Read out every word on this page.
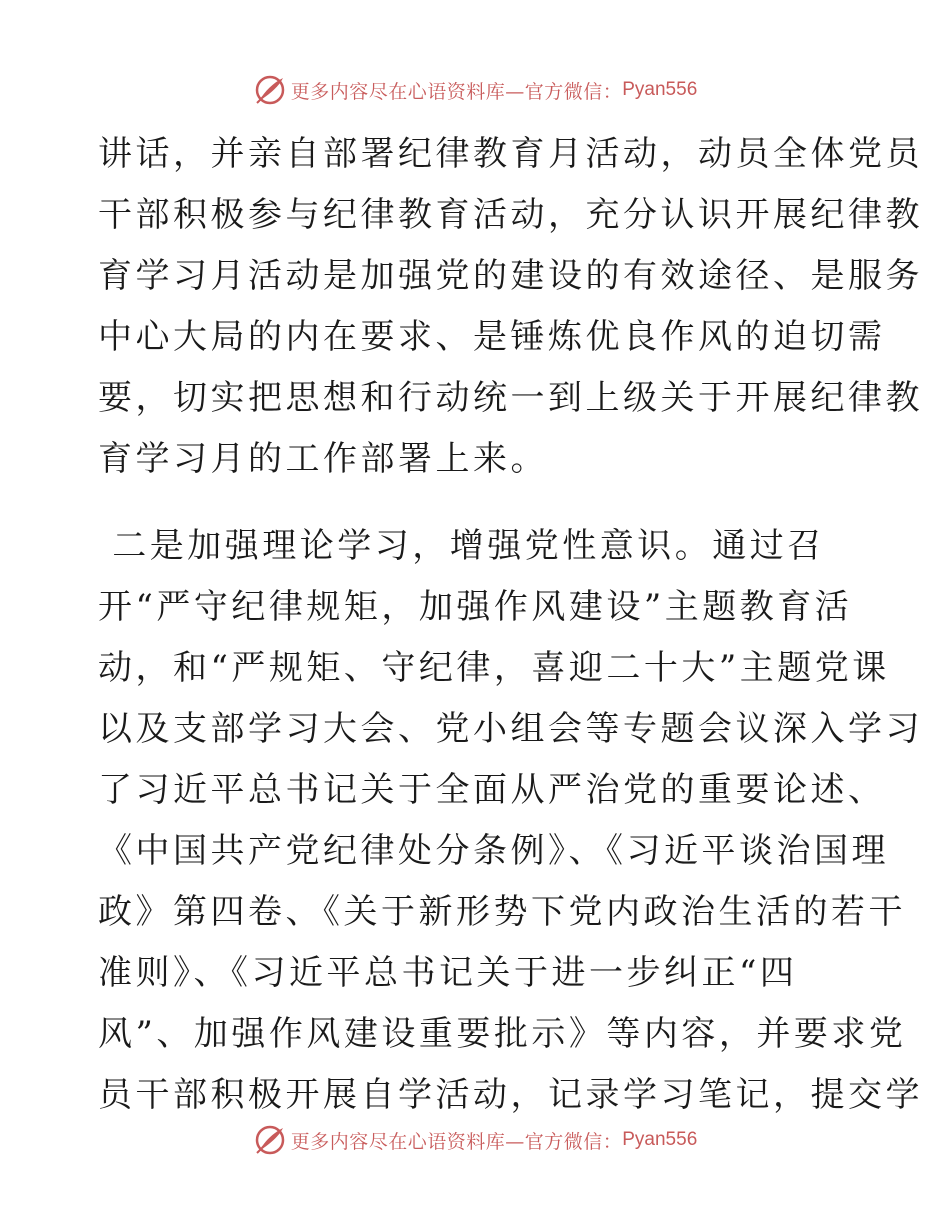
更多内容尽在心语资料库—官方微信： Pyan556
讲话，并亲自部署纪律教育月活动，动员全体党员
干部积极参与纪律教育活动，充分认识开展纪律教
育学习月活动是加强党的建设的有效途径、是服务
中心大局的内在要求、是锤炼优良作风的迫切需
要，切实把思想和行动统一到上级关于开展纪律教
育学习月的工作部署上来。
二是加强理论学习，增强党性意识。通过召
开“严守纪律规矩，加强作风建设”主题教育活
动，和“严规矩、守纪律，喜迎二十大”主题党课
以及支部学习大会、党小组会等专题会议深入学习
了习近平总书记关于全面从严治党的重要论述、
《中国共产党纪律处分条例》、《习近平谈治国理
政》第四卷、《关于新形势下党内政治生活的若干
准则》、《习近平总书记关于进一步纠正“四
风”、加强作风建设重要批示》等内容，并要求党
员干部积极开展自学活动，记录学习笔记，提交学
更多内容尽在心语资料库—官方微信： Pyan556
